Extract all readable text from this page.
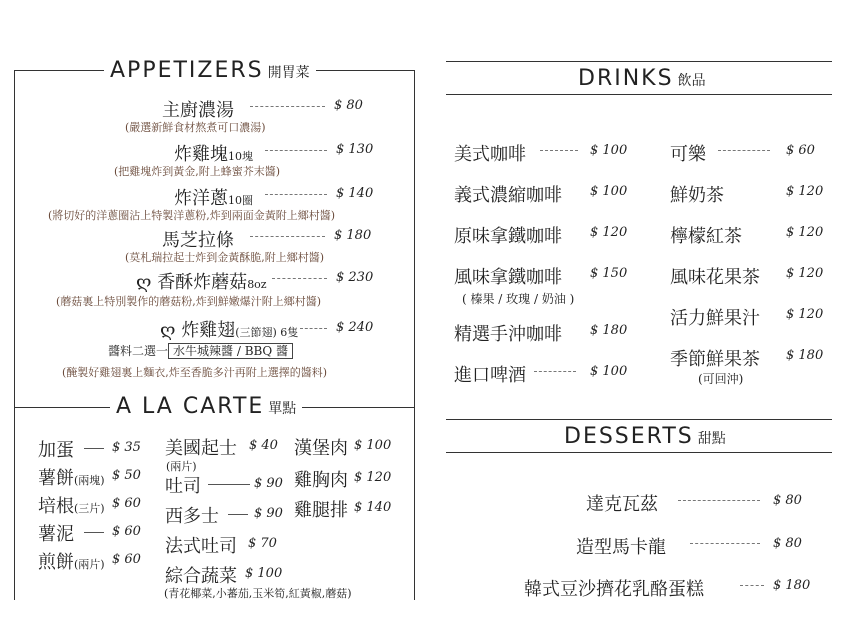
APPETIZERS 開胃菜
主廚濃湯	$ 80
(嚴選新鮮食材熬煮可口濃湯)
炸雞塊10塊	$ 130
(把雞塊炸到黃金,附上蜂蜜芥末醬)
炸洋蔥10圈	$ 140
(將切好的洋蔥圈沾上特製洋蔥粉,炸到兩面金黃附上鄉村醬)
馬芝拉條	$ 180
(莫札瑞拉起士炸到金黃酥脆,附上鄉村醬)
ღ 香酥炸蘑菇8oz	$ 230
(蘑菇裏上特別製作的蘑菇粉,炸到鮮嫩爆汁附上鄉村醬)
ღ 炸雞翅(三節翅) 6隻	$ 240
醬料二選一 水牛城辣醬 / BBQ 醬
(醃製好雞翅裏上麵衣,炸至香脆多汁再附上選擇的醬料)
A LA CARTE 單點
加蛋	$ 35
薯餅(兩塊) $ 50
培根(三片) $ 60
薯泥	$ 60
煎餅(兩片) $ 60
美國起士 $ 40
(兩片)
吐司	$ 90
西多士	$ 90
法式吐司 $ 70
綜合蔬菜 $ 100
(青花椰菜,小蕃茄,玉米筍,紅黃椒,蘑菇)
漢堡肉 $ 100
雞胸肉 $ 120
雞腿排 $ 140
DRINKS 飲品
美式咖啡	$ 100
義式濃縮咖啡 $ 100
原味拿鐵咖啡 $ 120
風味拿鐵咖啡 $ 150
( 榛果 / 玫瑰 / 奶油 )
精選手沖咖啡 $ 180
進口啤酒	$ 100
可樂	$ 60
鮮奶茶	$ 120
檸檬紅茶	$ 120
風味花果茶 $ 120
活力鮮果汁 $ 120
季節鮮果茶 $ 180
(可回沖)
DESSERTS 甜點
達克瓦茲	$ 80
造型馬卡龍	$ 80
韓式豆沙擠花乳酪蛋糕	$ 180
